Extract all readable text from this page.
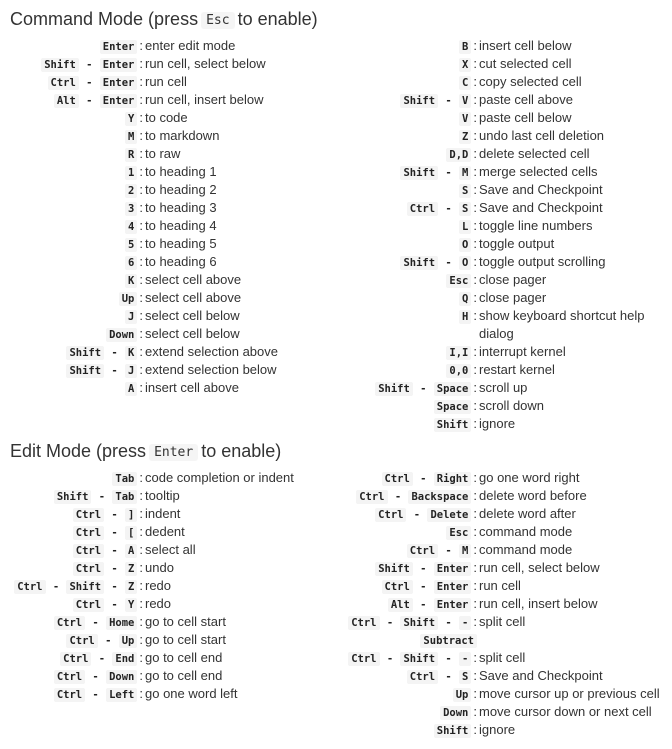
Command Mode (press Esc to enable)
Enter : enter edit mode
Shift - Enter : run cell, select below
Ctrl - Enter : run cell
Alt - Enter : run cell, insert below
Y : to code
M : to markdown
R : to raw
1 : to heading 1
2 : to heading 2
3 : to heading 3
4 : to heading 4
5 : to heading 5
6 : to heading 6
K : select cell above
Up : select cell above
J : select cell below
Down : select cell below
Shift - K : extend selection above
Shift - J : extend selection below
A : insert cell above
B : insert cell below
X : cut selected cell
C : copy selected cell
Shift - V : paste cell above
V : paste cell below
Z : undo last cell deletion
D,D : delete selected cell
Shift - M : merge selected cells
S : Save and Checkpoint
Ctrl - S : Save and Checkpoint
L : toggle line numbers
O : toggle output
Shift - O : toggle output scrolling
Esc : close pager
Q : close pager
H : show keyboard shortcut help dialog
I,I : interrupt kernel
0,0 : restart kernel
Shift - Space : scroll up
Space : scroll down
Shift : ignore
Edit Mode (press Enter to enable)
Tab : code completion or indent
Shift - Tab : tooltip
Ctrl - ] : indent
Ctrl - [ : dedent
Ctrl - A : select all
Ctrl - Z : undo
Ctrl - Shift - Z : redo
Ctrl - Y : redo
Ctrl - Home : go to cell start
Ctrl - Up : go to cell start
Ctrl - End : go to cell end
Ctrl - Down : go to cell end
Ctrl - Left : go one word left
Ctrl - Right : go one word right
Ctrl - Backspace : delete word before
Ctrl - Delete : delete word after
Esc : command mode
Ctrl - M : command mode
Shift - Enter : run cell, select below
Ctrl - Enter : run cell
Alt - Enter : run cell, insert below
Ctrl - Shift - - : split cell
Subtract
Ctrl - Shift - - : split cell
Ctrl - S : Save and Checkpoint
Up : move cursor up or previous cell
Down : move cursor down or next cell
Shift : ignore
